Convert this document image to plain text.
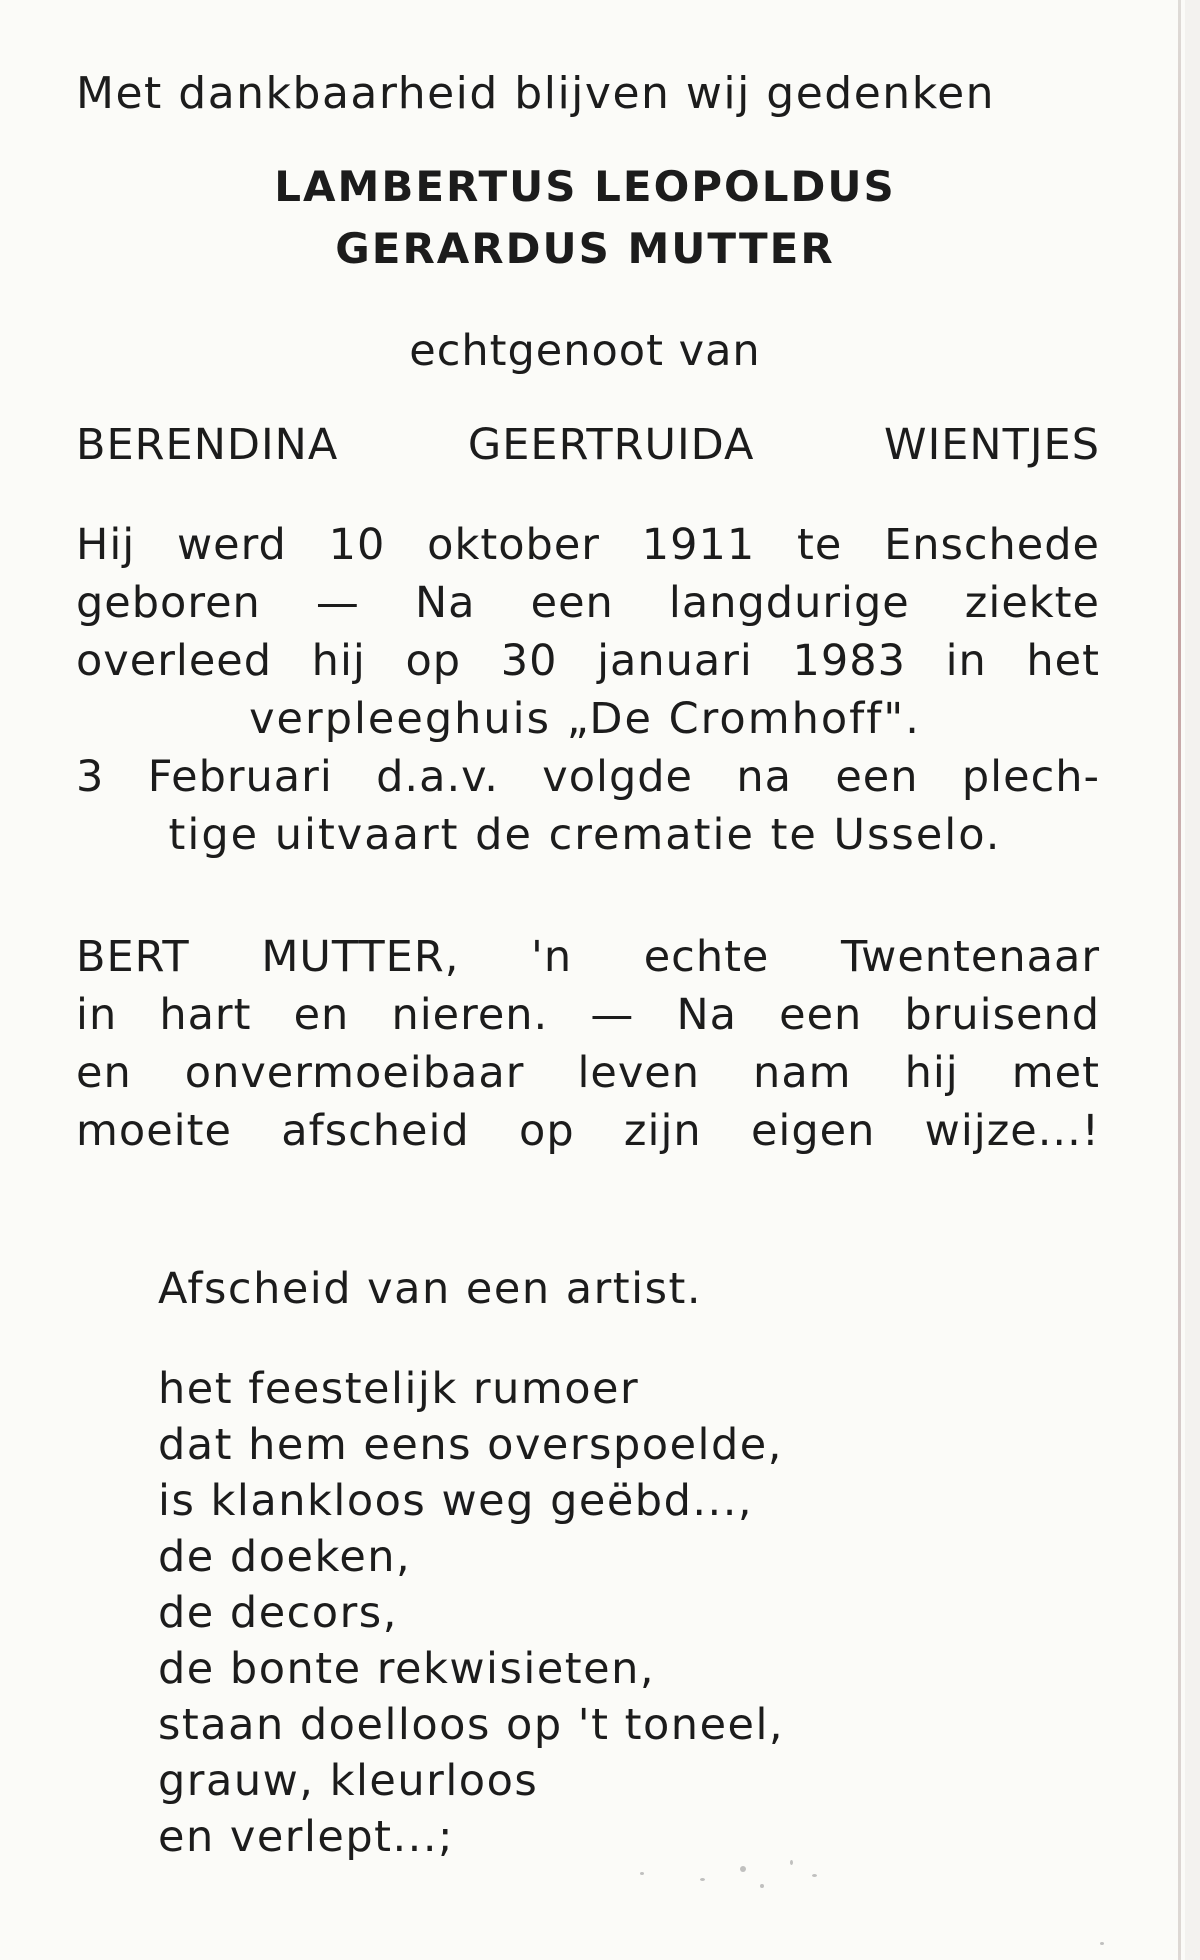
Met dankbaarheid blijven wij gedenken
LAMBERTUS LEOPOLDUS
GERARDUS MUTTER
echtgenoot van
BERENDINA GEERTRUIDA WIENTJES
Hij werd 10 oktober 1911 te Enschede
geboren — Na een langdurige ziekte
overleed hij op 30 januari 1983 in het
verpleeghuis „De Cromhoff".
3 Februari d.a.v. volgde na een plech-
tige uitvaart de crematie te Usselo.
BERT MUTTER, 'n echte Twentenaar
in hart en nieren. — Na een bruisend
en onvermoeibaar leven nam hij met
moeite afscheid op zijn eigen wijze...!
Afscheid van een artist.
het feestelijk rumoer
dat hem eens overspoelde,
is klankloos weg geëbd...,
de doeken,
de decors,
de bonte rekwisieten,
staan doelloos op 't toneel,
grauw, kleurloos
en verlept...;
